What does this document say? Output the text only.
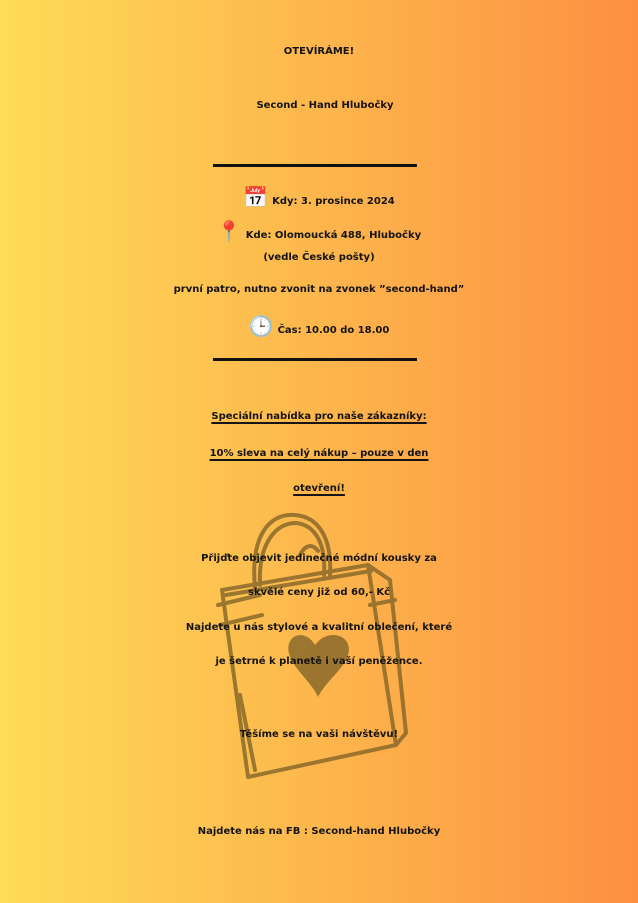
OTEVÍRÁME!
Second - Hand Hlubočky
📅 Kdy: 3. prosince 2024
📍 Kde: Olomoucká 488, Hlubočky
(vedle České pošty)
první patro, nutno zvonit na zvonek ”second-hand”
🕒 Čas: 10.00 do 18.00
Speciální nabídka pro naše zákazníky:
10% sleva na celý nákup – pouze v den
otevření!
Přijďte objevit jedinečné módní kousky za
skvělé ceny již od 60,- Kč
Najdete u nás stylové a kvalitní oblečení, které
je šetrné k planetě i vaší peněžence.
Těšíme se na vaši návštěvu!
Najdete nás na FB : Second-hand Hlubočky
